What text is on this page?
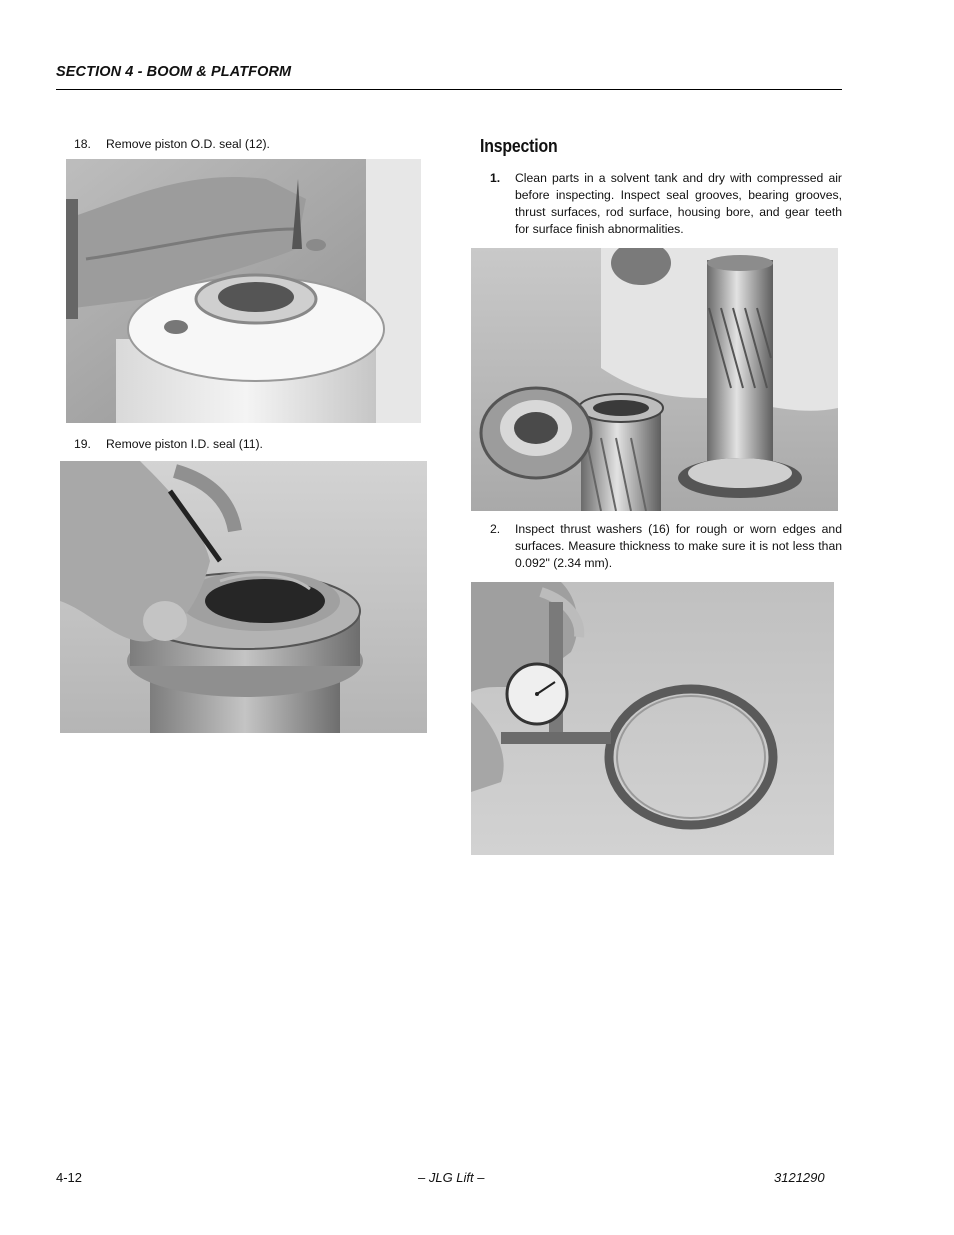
SECTION 4 - BOOM & PLATFORM
18. Remove piston O.D. seal (12).
19. Remove piston I.D. seal (11).
Inspection
1. Clean parts in a solvent tank and dry with compressed air before inspecting. Inspect seal grooves, bearing grooves, thrust surfaces, rod surface, housing bore, and gear teeth for surface finish abnormalities.
2. Inspect thrust washers (16) for rough or worn edges and surfaces. Measure thickness to make sure it is not less than 0.092" (2.34 mm).
4-12	– JLG Lift –	3121290
